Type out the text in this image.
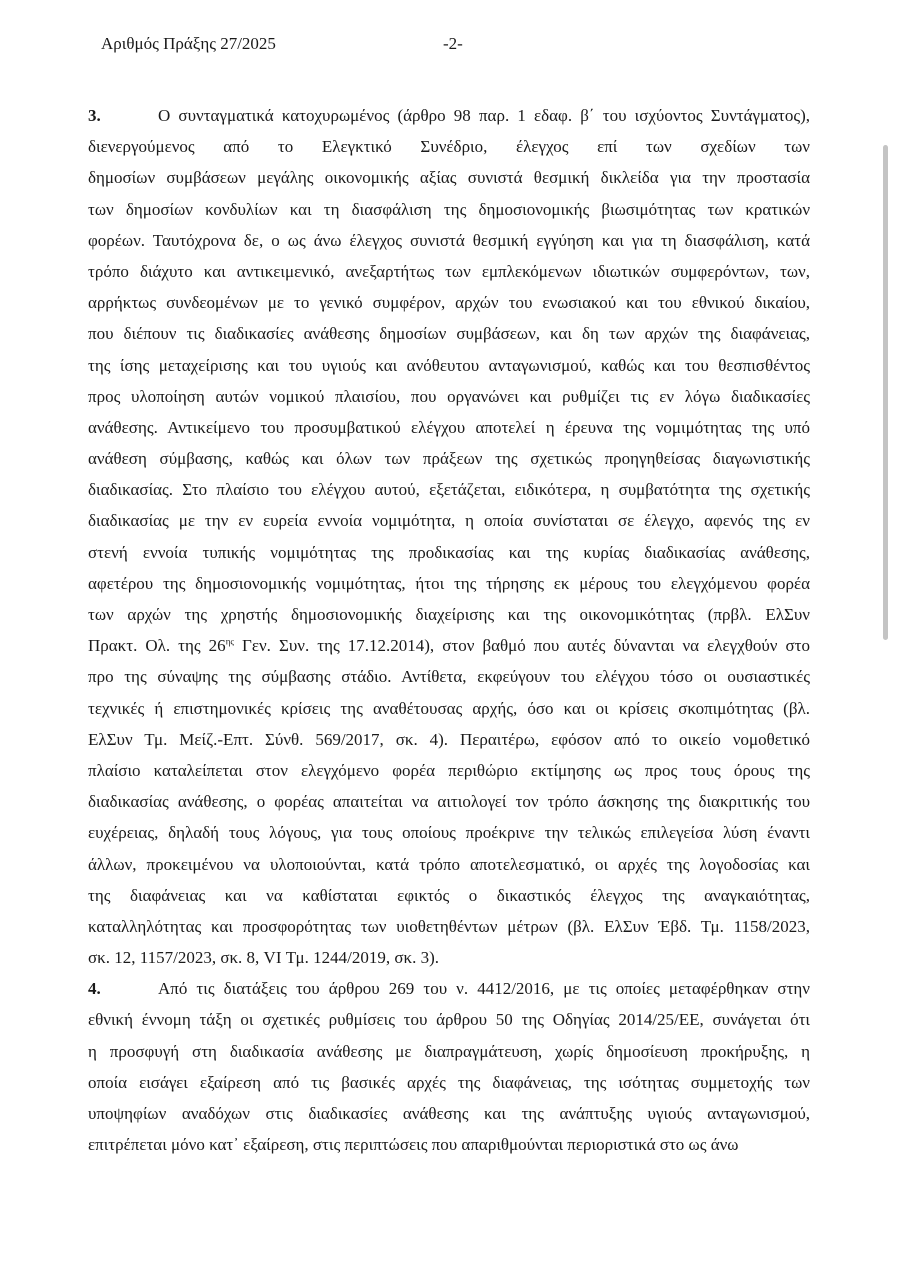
Αριθμός Πράξης 27/2025	-2-
3.	Ο συνταγματικά κατοχυρωμένος (άρθρο 98 παρ. 1 εδαφ. β΄ του ισχύοντος Συντάγματος),
διενεργούμενος από το Ελεγκτικό Συνέδριο, έλεγχος επί των σχεδίων των
δημοσίων συμβάσεων μεγάλης οικονομικής αξίας συνιστά θεσμική δικλείδα για την προστασία
των δημοσίων κονδυλίων και τη διασφάλιση της δημοσιονομικής βιωσιμότητας των κρατικών
φορέων. Ταυτόχρονα δε, ο ως άνω έλεγχος συνιστά θεσμική εγγύηση και για τη διασφάλιση, κατά
τρόπο διάχυτο και αντικειμενικό, ανεξαρτήτως των εμπλεκόμενων ιδιωτικών συμφερόντων, των,
αρρήκτως συνδεομένων με το γενικό συμφέρον, αρχών του ενωσιακού και του εθνικού δικαίου,
που διέπουν τις διαδικασίες ανάθεσης δημοσίων συμβάσεων, και δη των αρχών της διαφάνειας,
της ίσης μεταχείρισης και του υγιούς και ανόθευτου ανταγωνισμού, καθώς και του θεσπισθέντος
προς υλοποίηση αυτών νομικού πλαισίου, που οργανώνει και ρυθμίζει τις εν λόγω διαδικασίες
ανάθεσης. Αντικείμενο του προσυμβατικού ελέγχου αποτελεί η έρευνα της νομιμότητας της υπό
ανάθεση σύμβασης, καθώς και όλων των πράξεων της σχετικώς προηγηθείσας διαγωνιστικής
διαδικασίας. Στο πλαίσιο του ελέγχου αυτού, εξετάζεται, ειδικότερα, η συμβατότητα της σχετικής
διαδικασίας με την εν ευρεία εννοία νομιμότητα, η οποία συνίσταται σε έλεγχο, αφενός της εν
στενή εννοία τυπικής νομιμότητας της προδικασίας και της κυρίας διαδικασίας ανάθεσης,
αφετέρου της δημοσιονομικής νομιμότητας, ήτοι της τήρησης εκ μέρους του ελεγχόμενου φορέα
των αρχών της χρηστής δημοσιονομικής διαχείρισης και της οικονομικότητας (πρβλ. ΕλΣυν
Πρακτ. Ολ. της $26^{\eta\varsigma}$ Γεν. Συν. της 17.12.2014), στον βαθμό που αυτές δύνανται να ελεγχθούν στο
προ της σύναψης της σύμβασης στάδιο. Αντίθετα, εκφεύγουν του ελέγχου τόσο οι ουσιαστικές
τεχνικές ή επιστημονικές κρίσεις της αναθέτουσας αρχής, όσο και οι κρίσεις σκοπιμότητας (βλ.
ΕλΣυν Τμ. Μείζ.-Επτ. Σύνθ. 569/2017, σκ. 4). Περαιτέρω, εφόσον από το οικείο νομοθετικό
πλαίσιο καταλείπεται στον ελεγχόμενο φορέα περιθώριο εκτίμησης ως προς τους όρους της
διαδικασίας ανάθεσης, ο φορέας απαιτείται να αιτιολογεί τον τρόπο άσκησης της διακριτικής του
ευχέρειας, δηλαδή τους λόγους, για τους οποίους προέκρινε την τελικώς επιλεγείσα λύση έναντι
άλλων, προκειμένου να υλοποιούνται, κατά τρόπο αποτελεσματικό, οι αρχές της λογοδοσίας και
της διαφάνειας και να καθίσταται εφικτός ο δικαστικός έλεγχος της αναγκαιότητας,
καταλληλότητας και προσφορότητας των υιοθετηθέντων μέτρων (βλ. ΕλΣυν Έβδ. Τμ. 1158/2023,
σκ. 12, 1157/2023, σκ. 8, VI Τμ. 1244/2019, σκ. 3).
4.	Από τις διατάξεις του άρθρου 269 του ν. 4412/2016, με τις οποίες μεταφέρθηκαν στην
εθνική έννομη τάξη οι σχετικές ρυθμίσεις του άρθρου 50 της Οδηγίας 2014/25/ΕΕ, συνάγεται ότι
η προσφυγή στη διαδικασία ανάθεσης με διαπραγμάτευση, χωρίς δημοσίευση προκήρυξης, η
οποία εισάγει εξαίρεση από τις βασικές αρχές της διαφάνειας, της ισότητας συμμετοχής των
υποψηφίων αναδόχων στις διαδικασίες ανάθεσης και της ανάπτυξης υγιούς ανταγωνισμού,
επιτρέπεται μόνο κατ᾽ εξαίρεση, στις περιπτώσεις που απαριθμούνται περιοριστικά στο ως άνω
